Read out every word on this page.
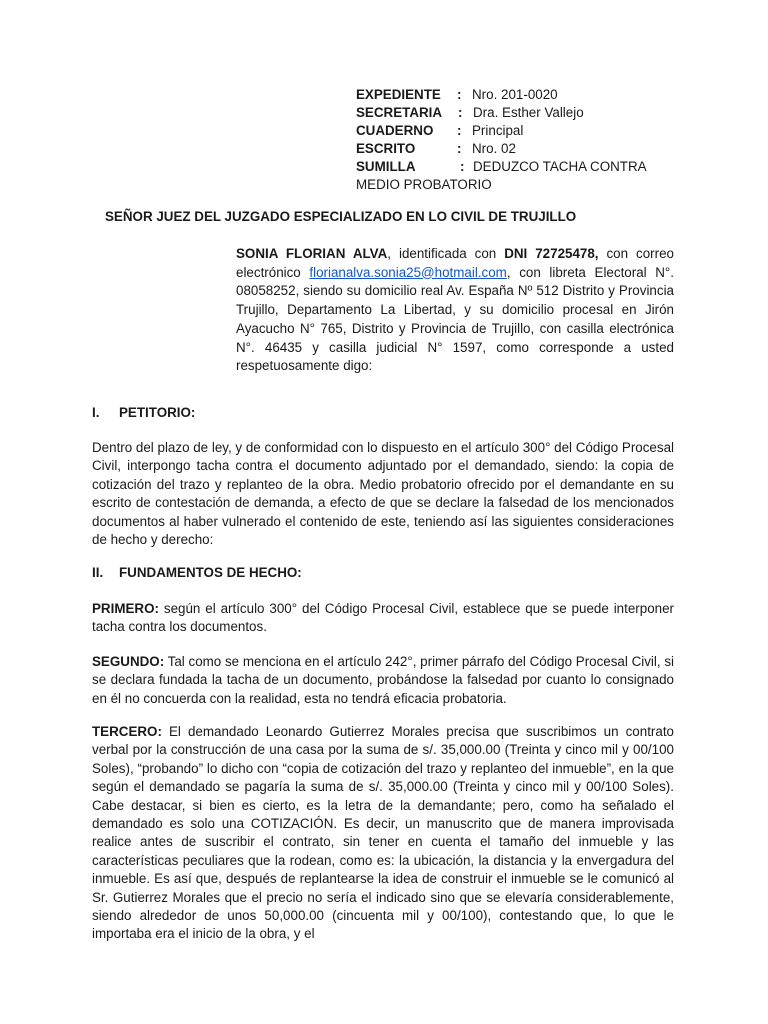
EXPEDIENTE	: Nro. 201-0020
SECRETARIA	: Dra. Esther Vallejo
CUADERNO	: Principal
ESCRITO	: Nro. 02
SUMILLA	: DEDUZCO TACHA CONTRA
MEDIO PROBATORIO
SEÑOR JUEZ DEL JUZGADO ESPECIALIZADO EN LO CIVIL DE TRUJILLO
SONIA FLORIAN ALVA, identificada con DNI 72725478, con correo electrónico florianalva.sonia25@hotmail.com, con libreta Electoral N°. 08058252, siendo su domicilio real Av. España Nº 512 Distrito y Provincia Trujillo, Departamento La Libertad, y su domicilio procesal en Jirón Ayacucho N° 765, Distrito y Provincia de Trujillo, con casilla electrónica N°. 46435 y casilla judicial N° 1597, como corresponde a usted respetuosamente digo:
I. PETITORIO:
Dentro del plazo de ley, y de conformidad con lo dispuesto en el artículo 300° del Código Procesal Civil, interpongo tacha contra el documento adjuntado por el demandado, siendo: la copia de cotización del trazo y replanteo de la obra. Medio probatorio ofrecido por el demandante en su escrito de contestación de demanda, a efecto de que se declare la falsedad de los mencionados documentos al haber vulnerado el contenido de este, teniendo así las siguientes consideraciones de hecho y derecho:
II. FUNDAMENTOS DE HECHO:
PRIMERO: según el artículo 300° del Código Procesal Civil, establece que se puede interponer tacha contra los documentos.
SEGUNDO: Tal como se menciona en el artículo 242°, primer párrafo del Código Procesal Civil, si se declara fundada la tacha de un documento, probándose la falsedad por cuanto lo consignado en él no concuerda con la realidad, esta no tendrá eficacia probatoria.
TERCERO: El demandado Leonardo Gutierrez Morales precisa que suscribimos un contrato verbal por la construcción de una casa por la suma de s/. 35,000.00 (Treinta y cinco mil y 00/100 Soles), “probando” lo dicho con “copia de cotización del trazo y replanteo del inmueble”, en la que según el demandado se pagaría la suma de s/. 35,000.00 (Treinta y cinco mil y 00/100 Soles). Cabe destacar, si bien es cierto, es la letra de la demandante; pero, como ha señalado el demandado es solo una COTIZACIÓN. Es decir, un manuscrito que de manera improvisada realice antes de suscribir el contrato, sin tener en cuenta el tamaño del inmueble y las características peculiares que la rodean, como es: la ubicación, la distancia y la envergadura del inmueble. Es así que, después de replantearse la idea de construir el inmueble se le comunicó al Sr. Gutierrez Morales que el precio no sería el indicado sino que se elevaría considerablemente, siendo alrededor de unos 50,000.00 (cincuenta mil y 00/100), contestando que, lo que le importaba era el inicio de la obra, y el
